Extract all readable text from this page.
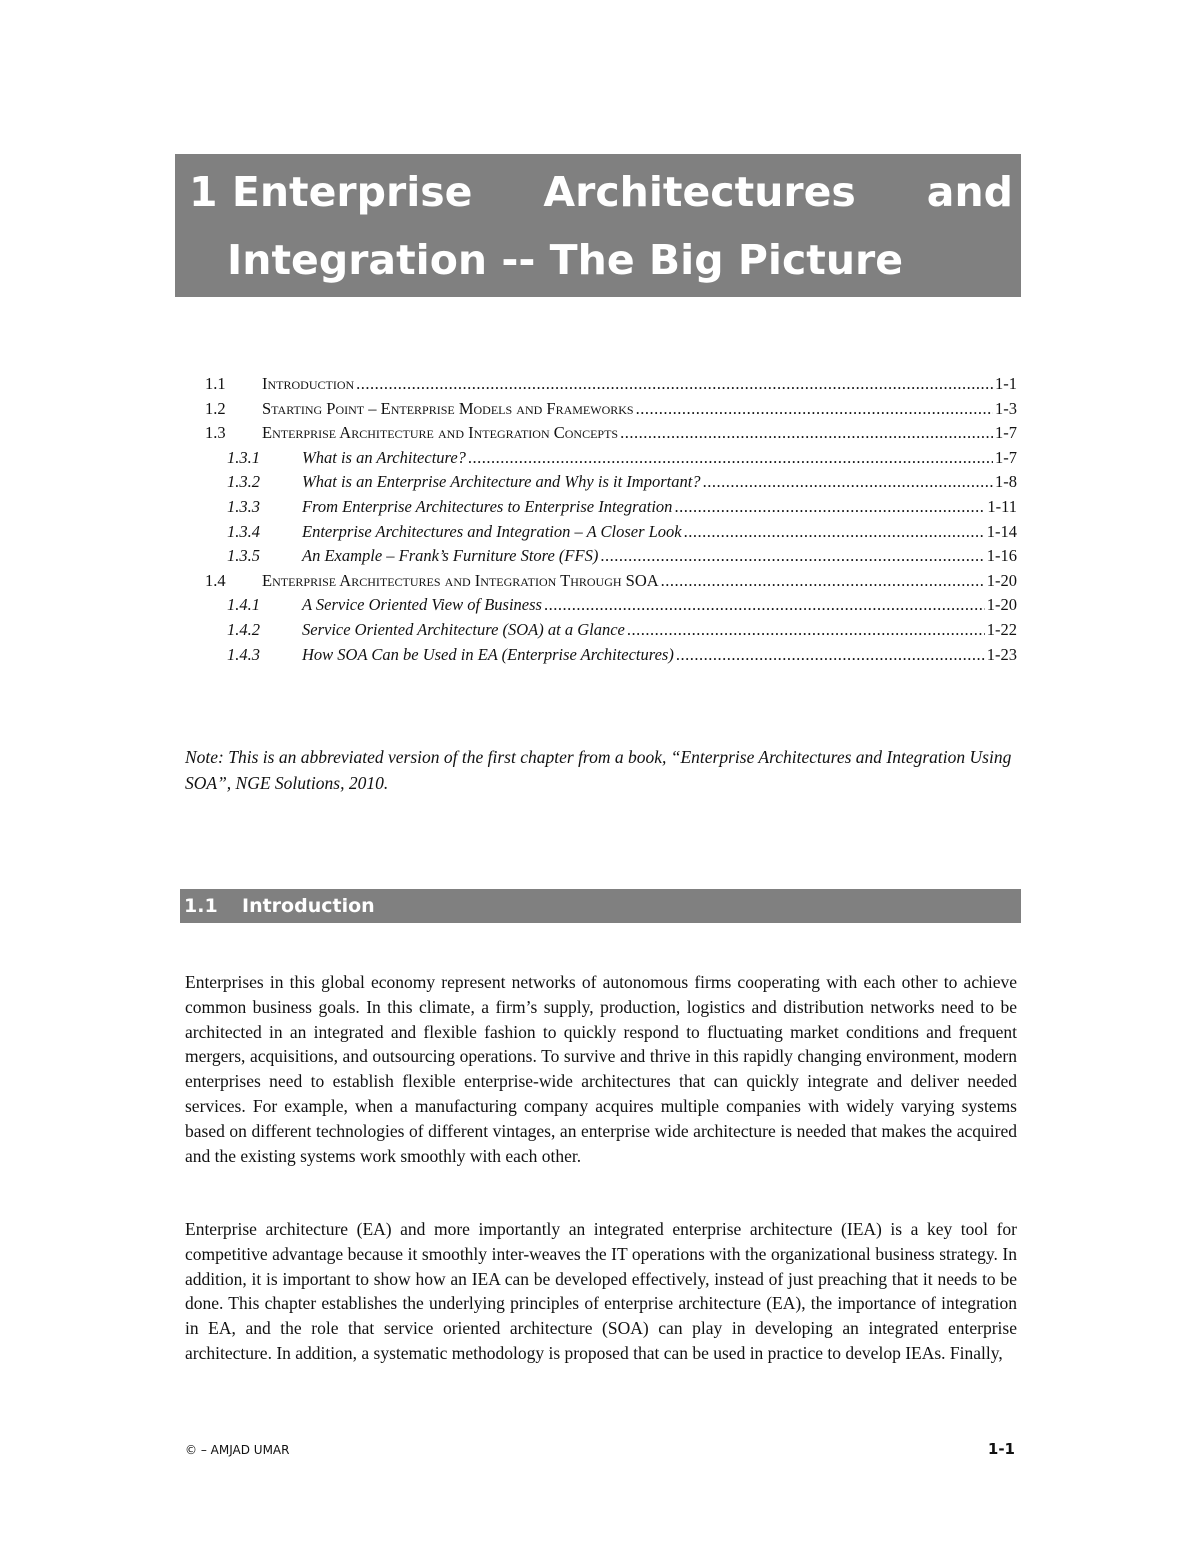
1 Enterprise Architectures and
Integration -- The Big Picture
1.1	Introduction .....	1-1
1.2	Starting Point – Enterprise Models and Frameworks .....	1-3
1.3	Enterprise Architecture and Integration Concepts .....	1-7
1.3.1	What is an Architecture? .....	1-7
1.3.2	What is an Enterprise Architecture and Why is it Important? .....	1-8
1.3.3	From Enterprise Architectures to Enterprise Integration .....	1-11
1.3.4	Enterprise Architectures and Integration – A Closer Look .....	1-14
1.3.5	An Example – Frank’s Furniture Store (FFS) .....	1-16
1.4	Enterprise Architectures and Integration Through SOA .....	1-20
1.4.1	A Service Oriented View of Business .....	1-20
1.4.2	Service Oriented Architecture (SOA) at a Glance .....	1-22
1.4.3	How SOA Can be Used in EA (Enterprise Architectures) .....	1-23
Note: This is an abbreviated version of the first chapter from a book, “Enterprise Architectures and Integration Using SOA”, NGE Solutions, 2010.
1.1 Introduction

Enterprises in this global economy represent networks of autonomous firms cooperating with each other to achieve common business goals. In this climate, a firm’s supply, production, logistics and distribution networks need to be architected in an integrated and flexible fashion to quickly respond to fluctuating market conditions and frequent mergers, acquisitions, and outsourcing operations. To survive and thrive in this rapidly changing environment, modern enterprises need to establish flexible enterprise-wide architectures that can quickly integrate and deliver needed services. For example, when a manufacturing company acquires multiple companies with widely varying systems based on different technologies of different vintages, an enterprise wide architecture is needed that makes the acquired and the existing systems work smoothly with each other.

Enterprise architecture (EA) and more importantly an integrated enterprise architecture (IEA) is a key tool for competitive advantage because it smoothly inter-weaves the IT operations with the organizational business strategy. In addition, it is important to show how an IEA can be developed effectively, instead of just preaching that it needs to be done. This chapter establishes the underlying principles of enterprise architecture (EA), the importance of integration in EA, and the role that service oriented architecture (SOA) can play in developing an integrated enterprise architecture. In addition, a systematic methodology is proposed that can be used in practice to develop IEAs. Finally,

© – AMJAD UMAR	1-1
